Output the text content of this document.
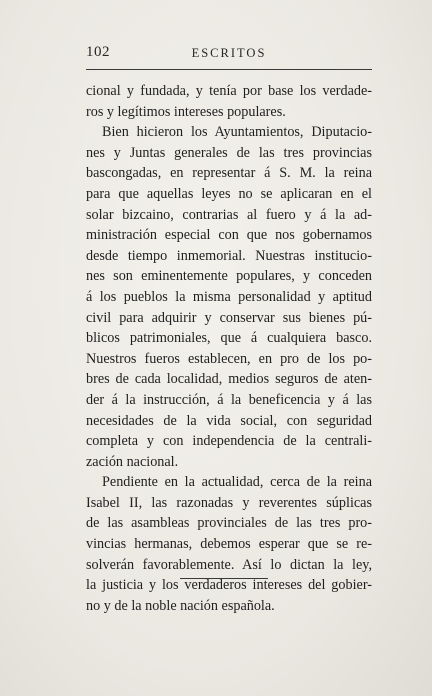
102	ESCRITOS
cional y fundada, y tenía por base los verdade-
ros y legítimos intereses populares.
Bien hicieron los Ayuntamientos, Diputacio-
nes y Juntas generales de las tres provincias
bascongadas, en representar á S. M. la reina
para que aquellas leyes no se aplicaran en el
solar bizcaino, contrarias al fuero y á la ad-
ministración especial con que nos gobernamos
desde tiempo inmemorial. Nuestras institucio-
nes son eminentemente populares, y conceden
á los pueblos la misma personalidad y aptitud
civil para adquirir y conservar sus bienes pú-
blicos patrimoniales, que á cualquiera basco.
Nuestros fueros establecen, en pro de los po-
bres de cada localidad, medios seguros de aten-
der á la instrucción, á la beneficencia y á las
necesidades de la vida social, con seguridad
completa y con independencia de la centrali-
zación nacional.
Pendiente en la actualidad, cerca de la reina
Isabel II, las razonadas y reverentes súplicas
de las asambleas provinciales de las tres pro-
vincias hermanas, debemos esperar que se re-
solverán favorablemente. Así lo dictan la ley,
la justicia y los verdaderos intereses del gobier-
no y de la noble nación española.
